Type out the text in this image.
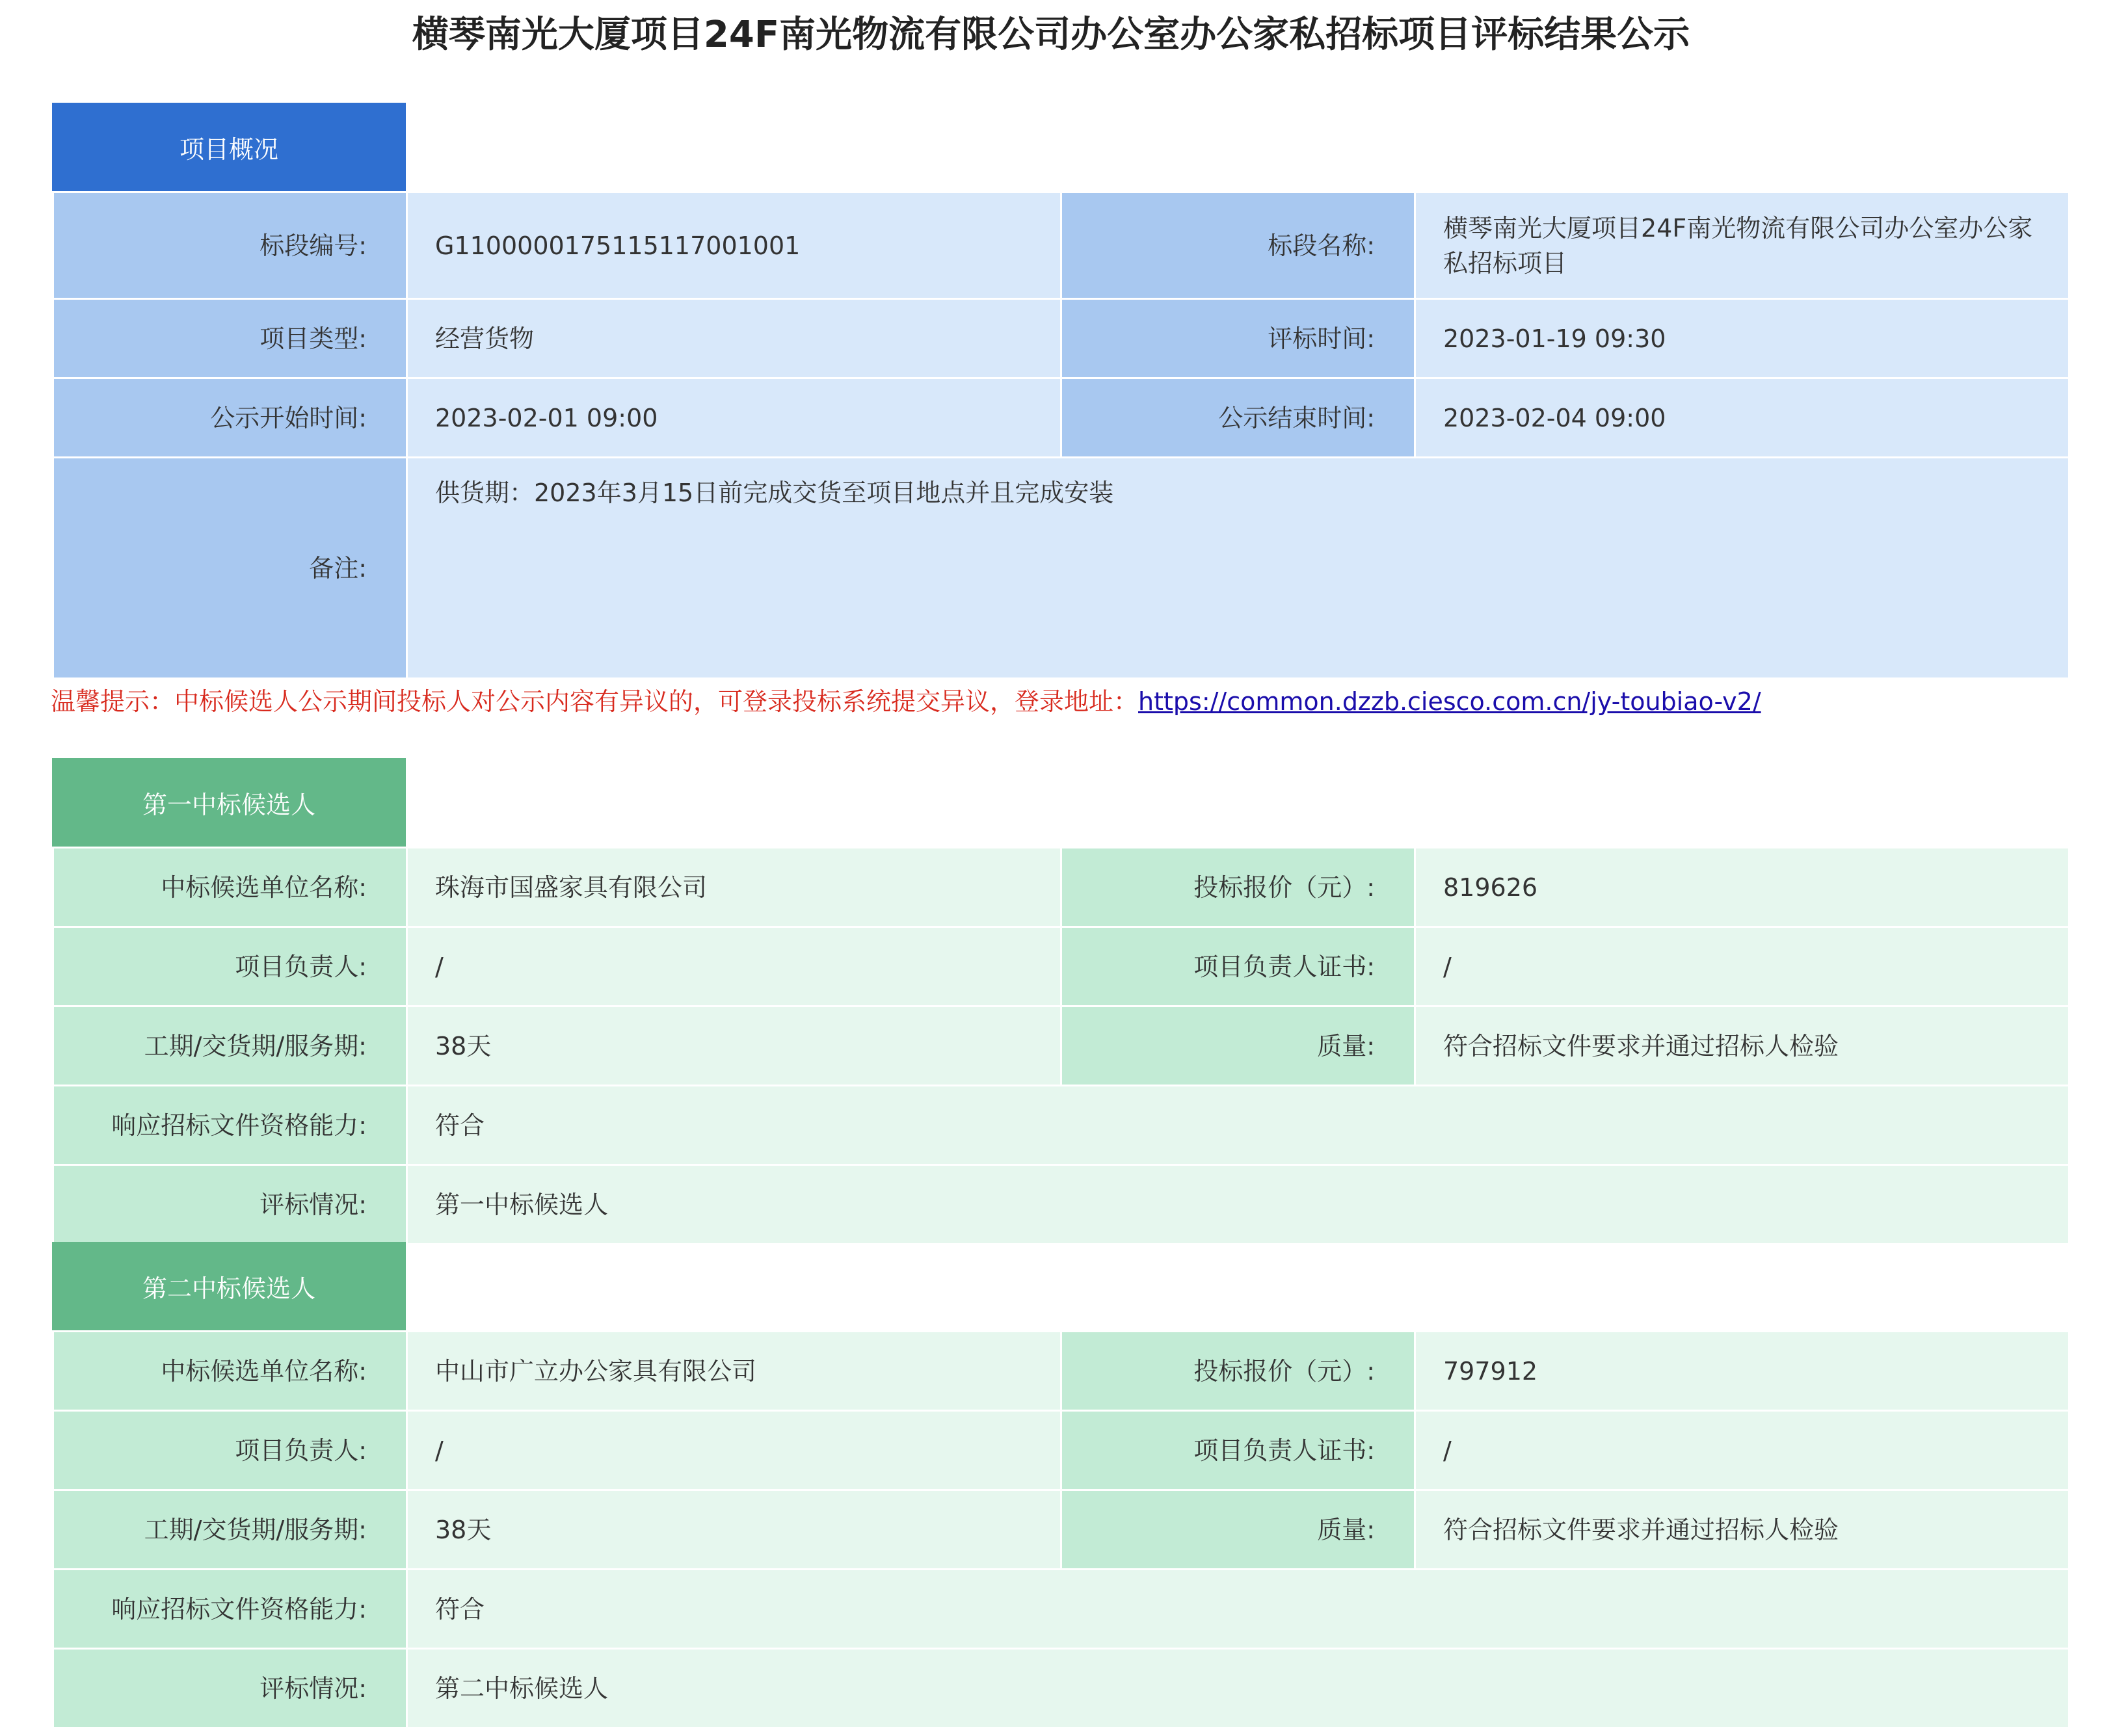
横琴南光大厦项目24F南光物流有限公司办公室办公家私招标项目评标结果公示
项目概况
标段编号:	G1100000175115117001001	标段名称:	横琴南光大厦项目24F南光物流有限公司办公室办公家私招标项目
项目类型:	经营货物	评标时间:	2023-01-19 09:30
公示开始时间:	2023-02-01 09:00	公示结束时间:	2023-02-04 09:00
备注:	供货期：2023年3月15日前完成交货至项目地点并且完成安装		
温馨提示：中标候选人公示期间投标人对公示内容有异议的，可登录投标系统提交异议，登录地址：https://common.dzzb.ciesco.com.cn/jy-toubiao-v2/
第一中标候选人
中标候选单位名称:	珠海市国盛家具有限公司	投标报价（元）:	819626
项目负责人:	/	项目负责人证书:	/
工期/交货期/服务期:	38天	质量:	符合招标文件要求并通过招标人检验
响应招标文件资格能力:	符合		
评标情况:	第一中标候选人		
第二中标候选人
中标候选单位名称:	中山市广立办公家具有限公司	投标报价（元）:	797912
项目负责人:	/	项目负责人证书:	/
工期/交货期/服务期:	38天	质量:	符合招标文件要求并通过招标人检验
响应招标文件资格能力:	符合		
评标情况:	第二中标候选人		
